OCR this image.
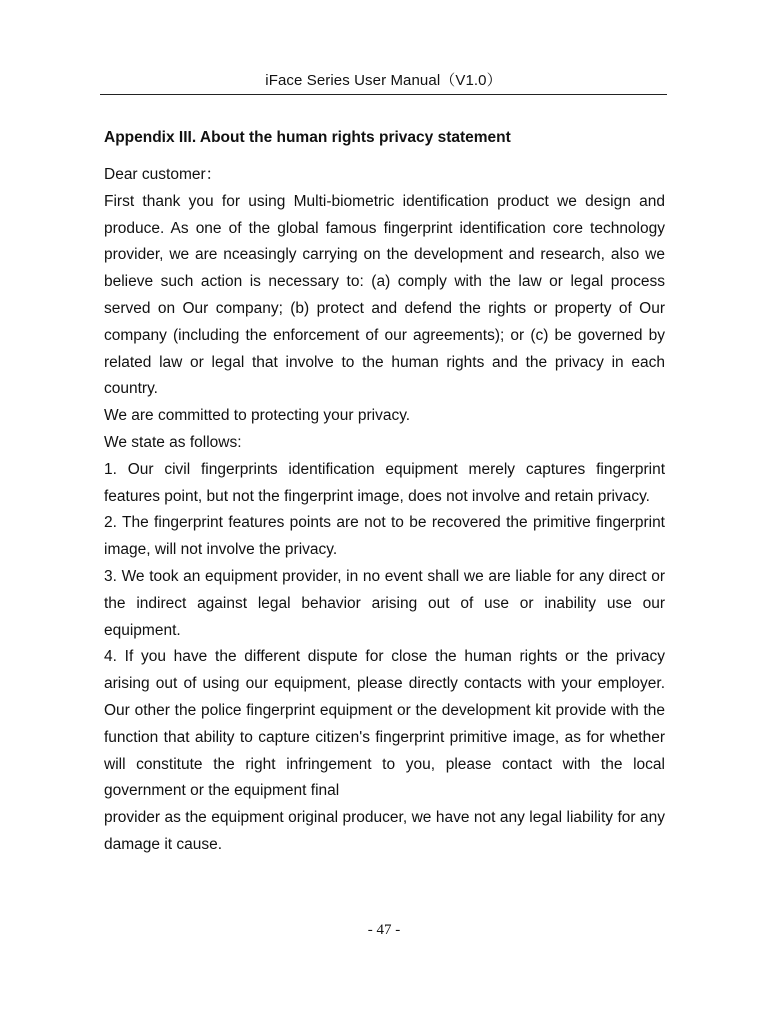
iFace Series User Manual（V1.0）
Appendix III. About the human rights privacy statement

Dear customer：

First thank you for using Multi-biometric identification product we design and produce. As one of the global famous fingerprint identification core technology provider, we are nceasingly carrying on the development and research, also we believe such action is necessary to: (a) comply with the law or legal process served on Our company; (b) protect and defend the rights or property of Our company (including the enforcement of our agreements); or (c) be governed by related law or legal that involve to the human rights and the privacy in each country.

We are committed to protecting your privacy.

We state as follows:

1. Our civil fingerprints identification equipment merely captures fingerprint features point, but not the fingerprint image, does not involve and retain privacy.

2. The fingerprint features points are not to be recovered the primitive fingerprint image, will not involve the privacy.

3. We took an equipment provider, in no event shall we are liable for any direct or the indirect against legal behavior arising out of use or inability use our equipment.

4. If you have the different dispute for close the human rights or the privacy arising out of using our equipment, please directly contacts with your employer. Our other the police fingerprint equipment or the development kit provide with the function that ability to capture citizen's fingerprint primitive image, as for whether will constitute the right infringement to you, please contact with the local government or the equipment final

provider as the equipment original producer, we have not any legal liability for any damage it cause.

- 47 -
